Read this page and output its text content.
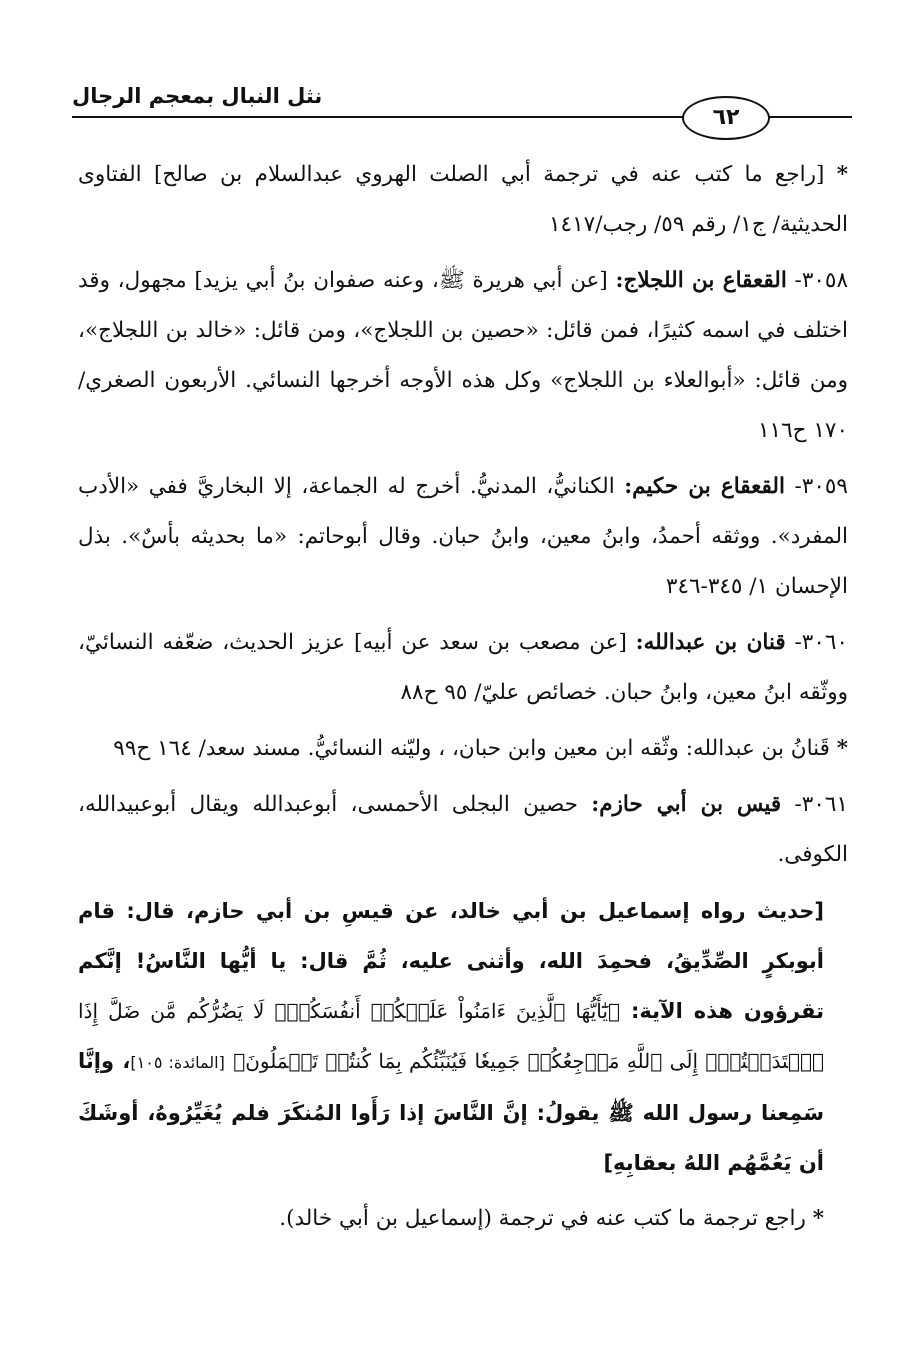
نثل النبال بمعجم الرجال
٦٢

* [راجع ما كتب عنه في ترجمة أبي الصلت الهروي عبدالسلام بن صالح] الفتاوى الحديثية/ ج١/ رقم ٥٩/ رجب/١٤١٧

٣٠٥٨- القعقاع بن اللجلاج: [عن أبي هريرة ﷺ، وعنه صفوان بنُ أبي يزيد] مجهول، وقد اختلف في اسمه كثيرًا، فمن قائل: «حصين بن اللجلاج»، ومن قائل: «خالد بن اللجلاج»، ومن قائل: «أبوالعلاء بن اللجلاج» وكل هذه الأوجه أخرجها النسائي. الأربعون الصغري/ ١٧٠ ح١١٦

٣٠٥٩- القعقاع بن حكيم: الكنانيُّ، المدنيُّ. أخرج له الجماعة، إلا البخاريَّ ففي «الأدب المفرد». ووثقه أحمدُ، وابنُ معين، وابنُ حبان. وقال أبوحاتم: «ما بحديثه بأسٌ». بذل الإحسان ١/ ٣٤٥-٣٤٦

٣٠٦٠- قنان بن عبدالله: [عن مصعب بن سعد عن أبيه] عزيز الحديث، ضعّفه النسائيّ، ووثّقه ابنُ معين، وابنُ حبان. خصائص عليّ/ ٩٥ ح٨٨

* قَنانُ بن عبدالله: وثّقه ابن معين وابن حبان، ، وليّنه النسائيُّ. مسند سعد/ ١٦٤ ح٩٩

٣٠٦١- قيس بن أبي حازم: حصين البجلى الأحمسى، أبوعبدالله ويقال أبوعبيدالله، الكوفى.

[حديث رواه إسماعيل بن أبي خالد، عن قيسِ بن أبي حازم، قال: قام أبوبكرٍ الصِّدِّيقُ، فحمِدَ الله، وأثنى عليه، ثُمَّ قال: يا أيُّها النَّاسُ! إنَّكم تقرؤون هذه الآية: ﴿يَٰٓأَيُّهَا ٱلَّذِينَ ءَامَنُواْ عَلَيۡكُمۡ أَنفُسَكُمۡۖ لَا يَضُرُّكُم مَّن ضَلَّ إِذَا ٱهۡتَدَيۡتُمۡۚ إِلَى ٱللَّهِ مَرۡجِعُكُمۡ جَمِيعٗا فَيُنَبِّئُكُم بِمَا كُنتُمۡ تَعۡمَلُونَ﴾ [المائدة: ١٠٥]، وإنَّا سَمِعنا رسول الله ﷺ يقولُ: إنَّ النَّاسَ إذا رَأَوا المُنكَرَ فلم يُغَيِّرُوهُ، أوشَكَ أن يَعُمَّهُم اللهُ بعقابِهِ]

* راجع ترجمة ما كتب عنه في ترجمة (إسماعيل بن أبي خالد).
